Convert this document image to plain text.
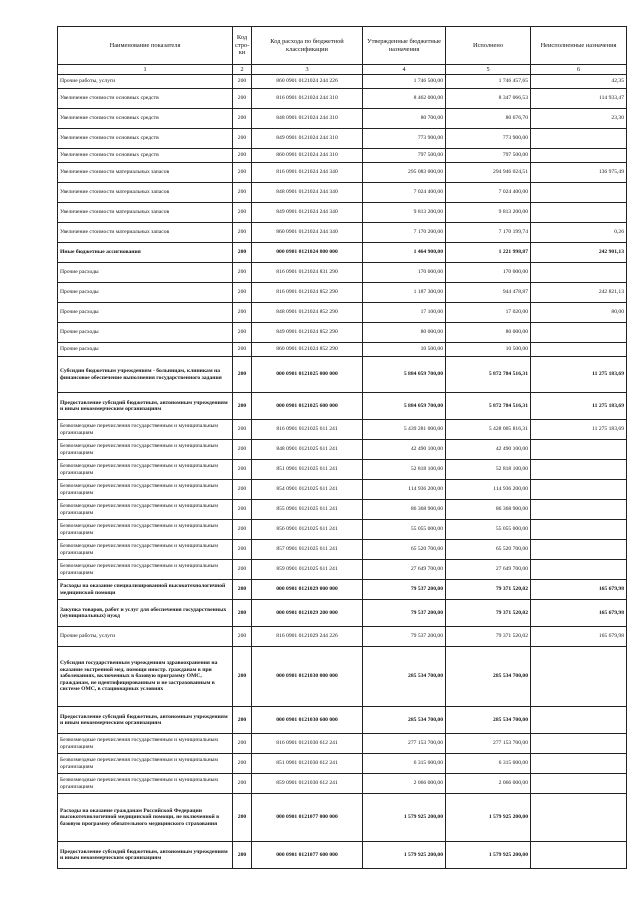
Наименование показателя	Код стро-ки	Код расхода по бюджетной классификации	Утвержденные бюджетные назначения	Исполнено	Неисполненные назначения
1	2	3	4	5	6
Прочие работы, услуги	200	860 0901 0121024 244 226	1 746 500,00	1 746 457,65	42,35
Увеличение стоимости основных средств	200	816 0901 0121024 244 310	8 462 000,00	8 347 066,53	114 933,47
Увеличение стоимости основных средств	200	848 0901 0121024 244 310	80 700,00	80 676,70	23,30
Увеличение стоимости основных средств	200	849 0901 0121024 244 310	773 900,00	773 900,00	
Увеличение стоимости основных средств	200	860 0901 0121024 244 310	797 500,00	797 500,00	
Увеличение стоимости материальных запасов	200	816 0901 0121024 244 340	295 083 000,00	294 946 024,51	136 975,49
Увеличение стоимости материальных запасов	200	848 0901 0121024 244 340	7 024 400,00	7 024 400,00	
Увеличение стоимости материальных запасов	200	849 0901 0121024 244 340	9 813 200,00	9 813 200,00	
Увеличение стоимости материальных запасов	200	860 0901 0121024 244 340	7 170 200,00	7 170 199,74	0,26
Иные бюджетные ассигнования	200	000 0901 0121024 800 000	1 464 900,00	1 221 998,87	242 901,13
Прочие расходы	200	816 0901 0121024 831 290	170 000,00	170 000,00	
Прочие расходы	200	816 0901 0121024 852 290	1 187 300,00	944 478,87	242 821,13
Прочие расходы	200	848 0901 0121024 852 290	17 100,00	17 020,00	80,00
Прочие расходы	200	849 0901 0121024 852 290	80 000,00	80 000,00	
Прочие расходы	200	860 0901 0121024 852 290	10 500,00	10 500,00	
Субсидии бюджетным учреждениям - больницам, клиникам на финансовое обеспечение выполнения государственного задания	200	000 0901 0121025 000 000	5 884 059 700,00	5 872 784 516,31	11 275 183,69
Предоставление субсидий бюджетным, автономным учреждениям и иным некоммерческим организациям	200	000 0901 0121025 600 000	5 884 059 700,00	5 872 784 516,31	11 275 183,69
Безвозмездные перечисления государственным и муниципальным организациям	200	816 0901 0121025 611 241	5 439 281 000,00	5 428 005 816,31	11 275 183,69
Безвозмездные перечисления государственным и муниципальным организациям	200	848 0901 0121025 611 241	42 490 100,00	42 490 100,00	
Безвозмездные перечисления государственным и муниципальным организациям	200	851 0901 0121025 611 241	52 818 100,00	52 818 100,00	
Безвозмездные перечисления государственным и муниципальным организациям	200	854 0901 0121025 611 241	114 936 200,00	114 936 200,00	
Безвозмездные перечисления государственным и муниципальным организациям	200	855 0901 0121025 611 241	86 368 900,00	86 368 900,00	
Безвозмездные перечисления государственным и муниципальным организациям	200	856 0901 0121025 611 241	55 055 000,00	55 055 000,00	
Безвозмездные перечисления государственным и муниципальным организациям	200	857 0901 0121025 611 241	65 520 700,00	65 520 700,00	
Безвозмездные перечисления государственным и муниципальным организациям	200	859 0901 0121025 611 241	27 649 700,00	27 649 700,00	
Расходы на оказание специализированной высокотехнологичной медицинской помощи	200	000 0901 0121029 000 000	79 537 200,00	79 371 520,02	165 679,98
Закупка товаров, работ и услуг для обеспечения государственных (муниципальных) нужд	200	000 0901 0121029 200 000	79 537 200,00	79 371 520,02	165 679,98
Прочие работы, услуги	200	816 0901 0121029 244 226	79 537 200,00	79 371 520,02	165 679,98
Субсидия государственным учреждениям здравоохранения на оказание экстренной мед. помощи иностр. гражданам в при заболеваниях, включенных в базовую программу ОМС, гражданам, не идентифицированным и не застрахованным в системе ОМС, в стационарных условиях	200	000 0901 0121030 000 000	285 534 700,00	285 534 700,00	
Предоставление субсидий бюджетным, автономным учреждениям и иным некоммерческим организациям	200	000 0901 0121030 600 000	285 534 700,00	285 534 700,00	
Безвозмездные перечисления государственным и муниципальным организациям	200	816 0901 0121030 612 241	277 153 700,00	277 153 700,00	
Безвозмездные перечисления государственным и муниципальным организациям	200	851 0901 0121030 612 241	6 315 000,00	6 315 000,00	
Безвозмездные перечисления государственным и муниципальным организациям	200	859 0901 0121030 612 241	2 066 000,00	2 066 000,00	
Расходы на оказание гражданам Российской Федерации высокотехнологичной медицинской помощи, не включенной в базовую программу обязательного медицинского страхования	200	000 0901 0121077 000 000	1 579 925 200,00	1 579 925 200,00	
Предоставление субсидий бюджетным, автономным учреждениям и иным некоммерческим организациям	200	000 0901 0121077 600 000	1 579 925 200,00	1 579 925 200,00	
